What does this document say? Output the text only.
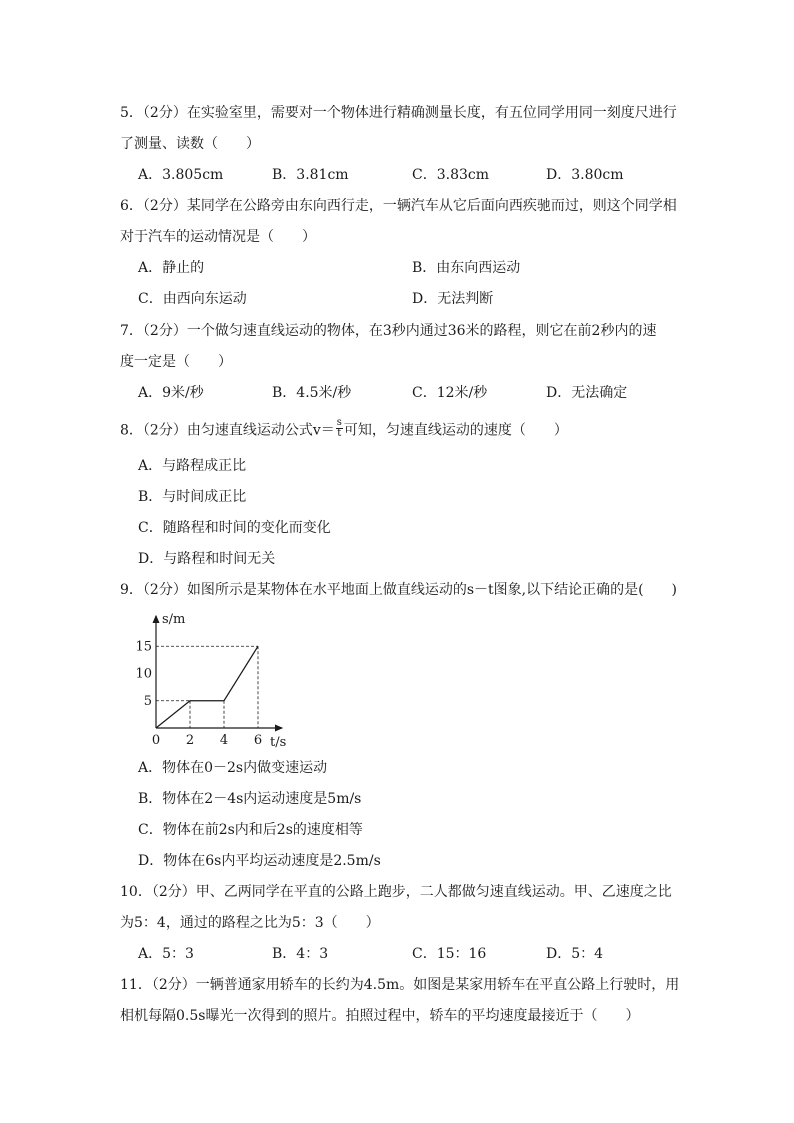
5．（2分）在实验室里，需要对一个物体进行精确测量长度，有五位同学用同一刻度尺进行
了测量、读数（　　）
A．3.805cm	B．3.81cm	C．3.83cm	D．3.80cm
6．（2分）某同学在公路旁由东向西行走，一辆汽车从它后面向西疾驰而过，则这个同学相
对于汽车的运动情况是（　　）
A．静止的	B．由东向西运动
C．由西向东运动	D．无法判断
7．（2分）一个做匀速直线运动的物体，在3秒内通过36米的路程，则它在前2秒内的速
度一定是（　　）
A．9米/秒	B．4.5米/秒	C．12米/秒	D．无法确定
8．（2分）由匀速直线运动公式$v= \frac{s}{t}$ 可知，匀速直线运动的速度（　　）
A．与路程成正比
B．与时间成正比
C．随路程和时间的变化而变化
D．与路程和时间无关
9．（2分）如图所示是某物体在水平地面上做直线运动的s－t图象,以下结论正确的是(　　)
0 2 4 6
5
10
15
s/m
t/s
A．物体在0－2s内做变速运动
B．物体在2－4s内运动速度是5m/s
C．物体在前2s内和后2s的速度相等
D．物体在6s内平均运动速度是2.5m/s
10．（2分）甲、乙两同学在平直的公路上跑步，二人都做匀速直线运动。甲、乙速度之比
为5：4，通过的路程之比为5：3（　　）
A．5：3	B．4：3	C．15：16	D．5：4
11．（2分）一辆普通家用轿车的长约为4.5m。如图是某家用轿车在平直公路上行驶时，用
相机每隔0.5s曝光一次得到的照片。拍照过程中，轿车的平均速度最接近于（　　）
